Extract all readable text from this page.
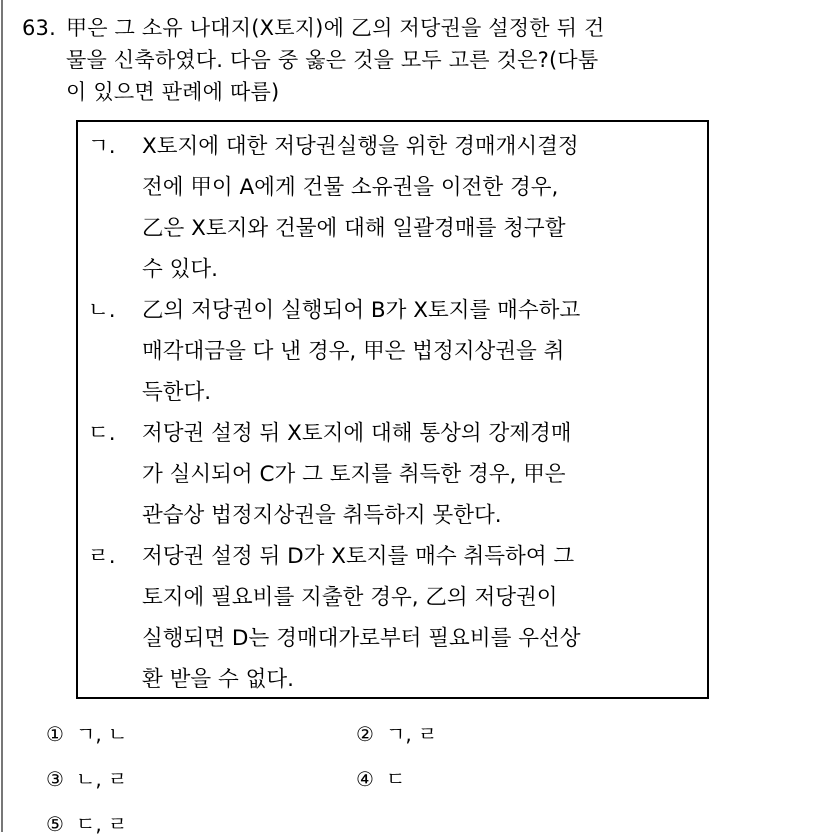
63. 甲은 그 소유 나대지(X토지)에 乙의 저당권을 설정한 뒤 건
물을 신축하였다. 다음 중 옳은 것을 모두 고른 것은?(다툼
이 있으면 판례에 따름)
ㄱ. X토지에 대한 저당권실행을 위한 경매개시결정
전에 甲이 A에게 건물 소유권을 이전한 경우,
乙은 X토지와 건물에 대해 일괄경매를 청구할
수 있다.
ㄴ. 乙의 저당권이 실행되어 B가 X토지를 매수하고
매각대금을 다 낸 경우, 甲은 법정지상권을 취
득한다.
ㄷ. 저당권 설정 뒤 X토지에 대해 통상의 강제경매
가 실시되어 C가 그 토지를 취득한 경우, 甲은
관습상 법정지상권을 취득하지 못한다.
ㄹ. 저당권 설정 뒤 D가 X토지를 매수 취득하여 그
토지에 필요비를 지출한 경우, 乙의 저당권이
실행되면 D는 경매대가로부터 필요비를 우선상
환 받을 수 없다.
① ㄱ, ㄴ	② ㄱ, ㄹ
③ ㄴ, ㄹ	④ ㄷ
⑤ ㄷ, ㄹ
